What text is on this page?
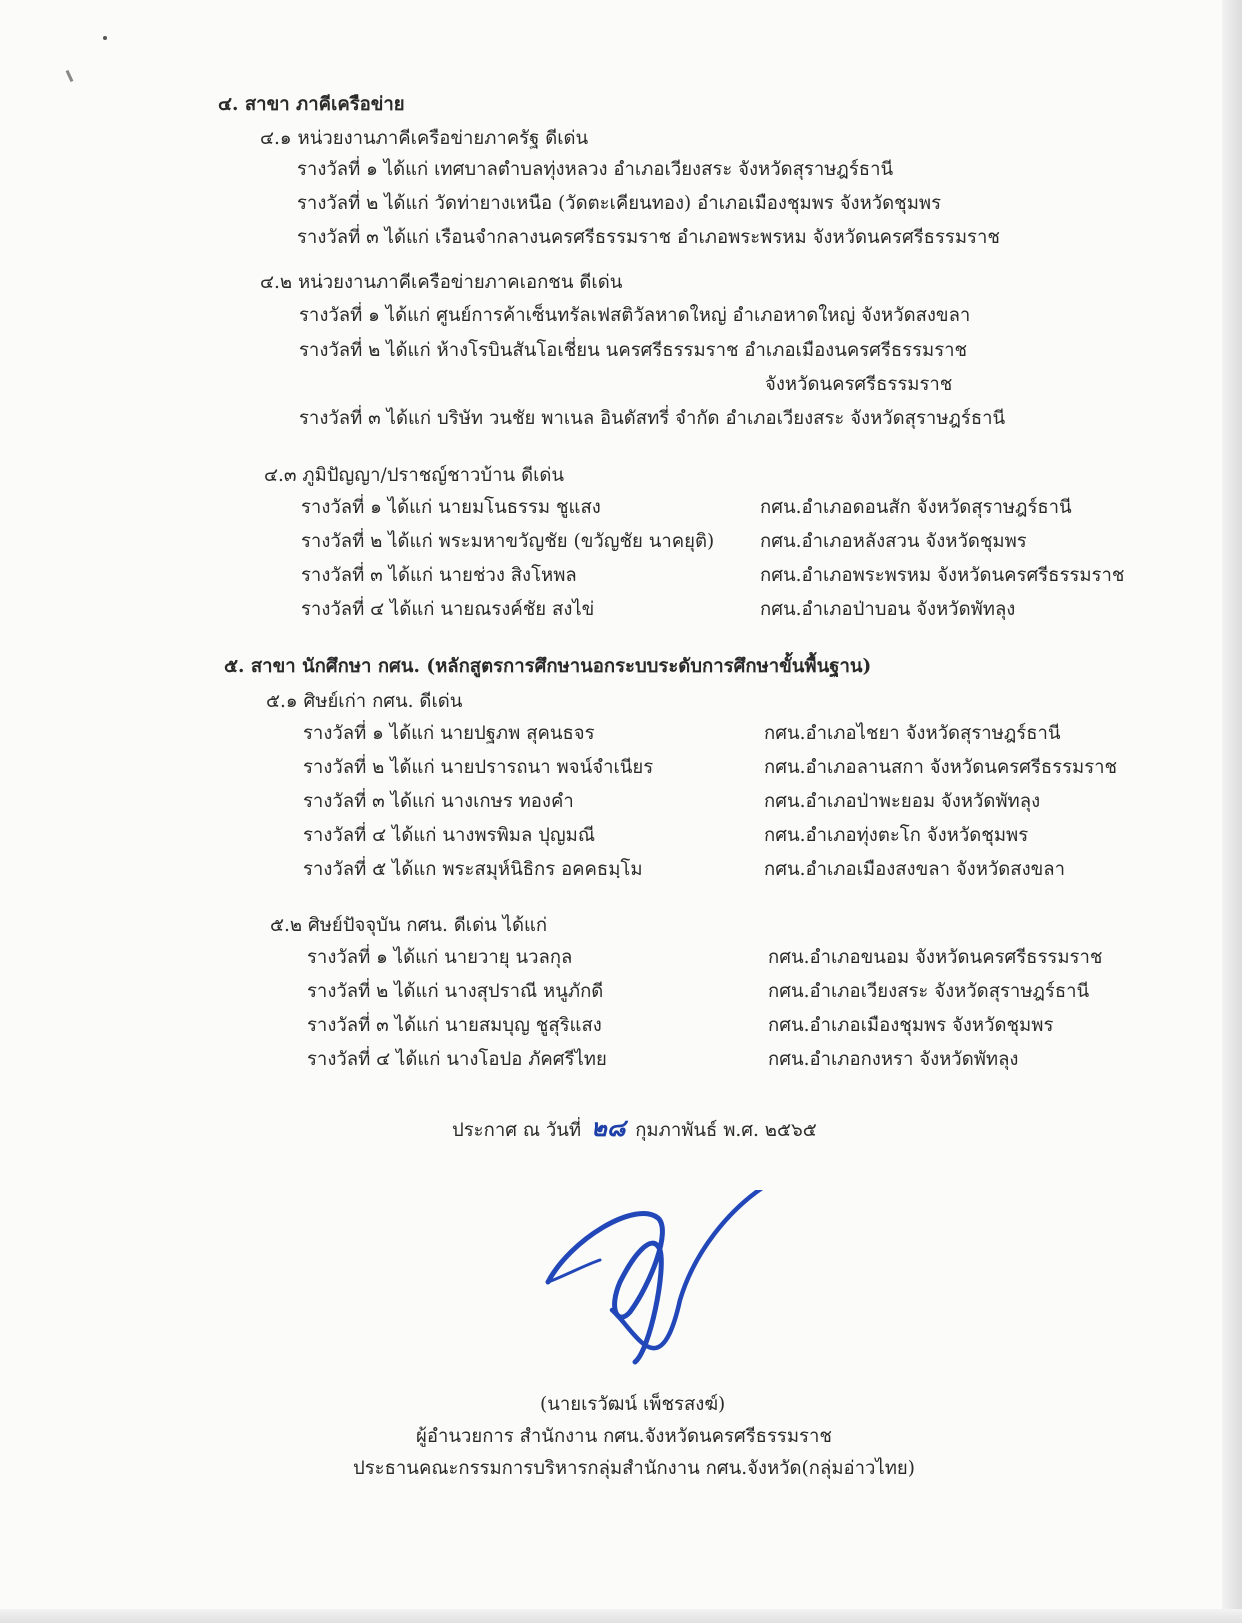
๔. สาขา ภาคีเครือข่าย
๔.๑ หน่วยงานภาคีเครือข่ายภาครัฐ ดีเด่น
รางวัลที่ ๑ ได้แก่ เทศบาลตำบลทุ่งหลวง อำเภอเวียงสระ จังหวัดสุราษฎร์ธานี
รางวัลที่ ๒ ได้แก่ วัดท่ายางเหนือ (วัดตะเคียนทอง) อำเภอเมืองชุมพร จังหวัดชุมพร
รางวัลที่ ๓ ได้แก่ เรือนจำกลางนครศรีธรรมราช อำเภอพระพรหม จังหวัดนครศรีธรรมราช
๔.๒ หน่วยงานภาคีเครือข่ายภาคเอกชน ดีเด่น
รางวัลที่ ๑ ได้แก่ ศูนย์การค้าเซ็นทรัลเฟสติวัลหาดใหญ่ อำเภอหาดใหญ่ จังหวัดสงขลา
รางวัลที่ ๒ ได้แก่ ห้างโรบินสันโอเชี่ยน นครศรีธรรมราช อำเภอเมืองนครศรีธรรมราช
จังหวัดนครศรีธรรมราช
รางวัลที่ ๓ ได้แก่ บริษัท วนชัย พาเนล อินดัสทรี่ จำกัด อำเภอเวียงสระ จังหวัดสุราษฎร์ธานี
๔.๓ ภูมิปัญญา/ปราชญ์ชาวบ้าน ดีเด่น
รางวัลที่ ๑ ได้แก่ นายมโนธรรม ชูแสง	กศน.อำเภอดอนสัก จังหวัดสุราษฎร์ธานี
รางวัลที่ ๒ ได้แก่ พระมหาขวัญชัย (ขวัญชัย นาคยุติ) กศน.อำเภอหลังสวน จังหวัดชุมพร
รางวัลที่ ๓ ได้แก่ นายช่วง สิงโหพล	กศน.อำเภอพระพรหม จังหวัดนครศรีธรรมราช
รางวัลที่ ๔ ได้แก่ นายณรงค์ชัย สงไข่	กศน.อำเภอป่าบอน จังหวัดพัทลุง
๕. สาขา นักศึกษา กศน. (หลักสูตรการศึกษานอกระบบระดับการศึกษาขั้นพื้นฐาน)
๕.๑ ศิษย์เก่า กศน. ดีเด่น
รางวัลที่ ๑ ได้แก่ นายปฐภพ สุคนธจร	กศน.อำเภอไชยา จังหวัดสุราษฎร์ธานี
รางวัลที่ ๒ ได้แก่ นายปรารถนา พจน์จำเนียร	กศน.อำเภอลานสกา จังหวัดนครศรีธรรมราช
รางวัลที่ ๓ ได้แก่ นางเกษร ทองคำ	กศน.อำเภอป่าพะยอม จังหวัดพัทลุง
รางวัลที่ ๔ ได้แก่ นางพรพิมล ปุญมณี	กศน.อำเภอทุ่งตะโก จังหวัดชุมพร
รางวัลที่ ๕ ได้แก พระสมุห์นิธิกร อคคธมฺโม	กศน.อำเภอเมืองสงขลา จังหวัดสงขลา
๕.๒ ศิษย์ปัจจุบัน กศน. ดีเด่น ได้แก่
รางวัลที่ ๑ ได้แก่ นายวายุ นวลกุล	กศน.อำเภอขนอม จังหวัดนครศรีธรรมราช
รางวัลที่ ๒ ได้แก่ นางสุปราณี หนูภักดี	กศน.อำเภอเวียงสระ จังหวัดสุราษฎร์ธานี
รางวัลที่ ๓ ได้แก่ นายสมบุญ ชูสุริแสง	กศน.อำเภอเมืองชุมพร จังหวัดชุมพร
รางวัลที่ ๔ ได้แก่ นางโอปอ ภัคศรีไทย	กศน.อำเภอกงหรา จังหวัดพัทลุง
ประกาศ ณ วันที่ ๒๘ กุมภาพันธ์ พ.ศ. ๒๕๖๕
(นายเรวัฒน์ เพ็ชรสงฆ์)
ผู้อำนวยการ สำนักงาน กศน.จังหวัดนครศรีธรรมราช
ประธานคณะกรรมการบริหารกลุ่มสำนักงาน กศน.จังหวัด(กลุ่มอ่าวไทย)
